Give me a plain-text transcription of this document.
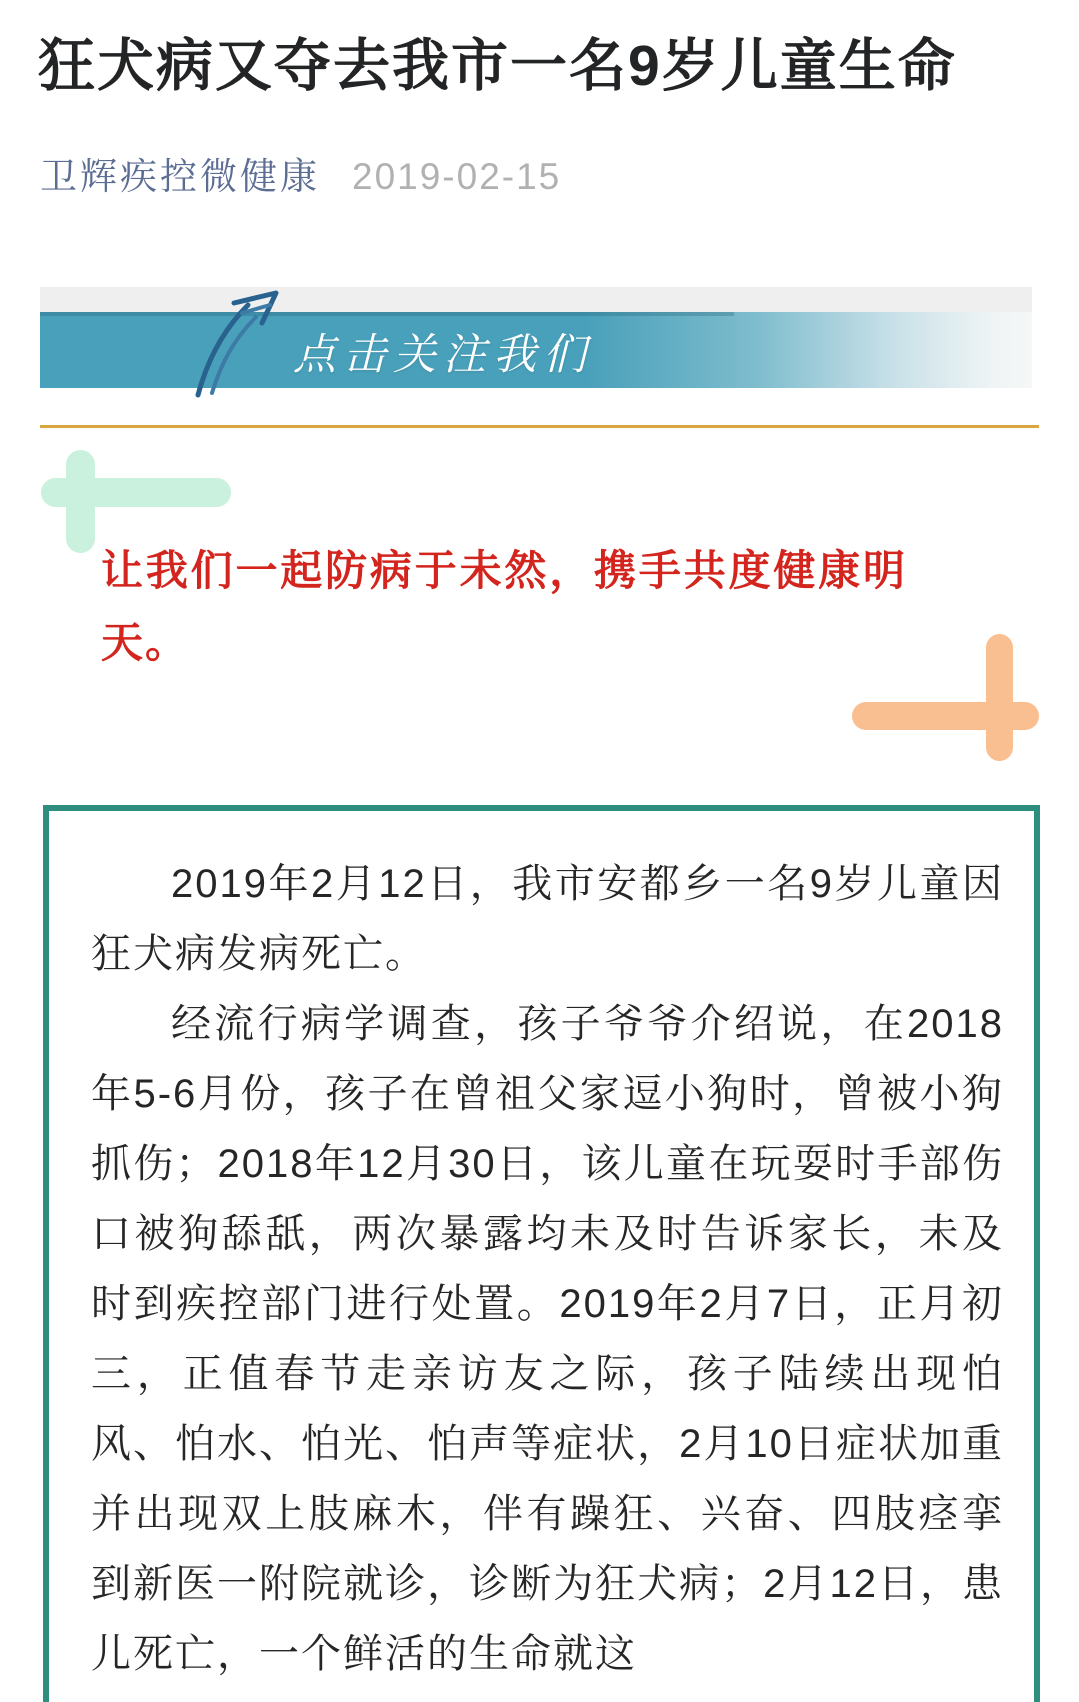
狂犬病又夺去我市一名9岁儿童生命
卫辉疾控微健康 2019-02-15
点击关注我们
让我们一起防病于未然，携手共度健康明天。

2019年2月12日，我市安都乡一名9岁儿童因狂犬病发病死亡。

经流行病学调查，孩子爷爷介绍说，在2018年5-6月份，孩子在曾祖父家逗小狗时，曾被小狗抓伤；2018年12月30日，该儿童在玩耍时手部伤口被狗舔舐，两次暴露均未及时告诉家长，未及时到疾控部门进行处置。2019年2月7日，正月初三，正值春节走亲访友之际，孩子陆续出现怕风、怕水、怕光、怕声等症状，2月10日症状加重并出现双上肢麻木，伴有躁狂、兴奋、四肢痉挛到新医一附院就诊，诊断为狂犬病；2月12日，患儿死亡，一个鲜活的生命就这
